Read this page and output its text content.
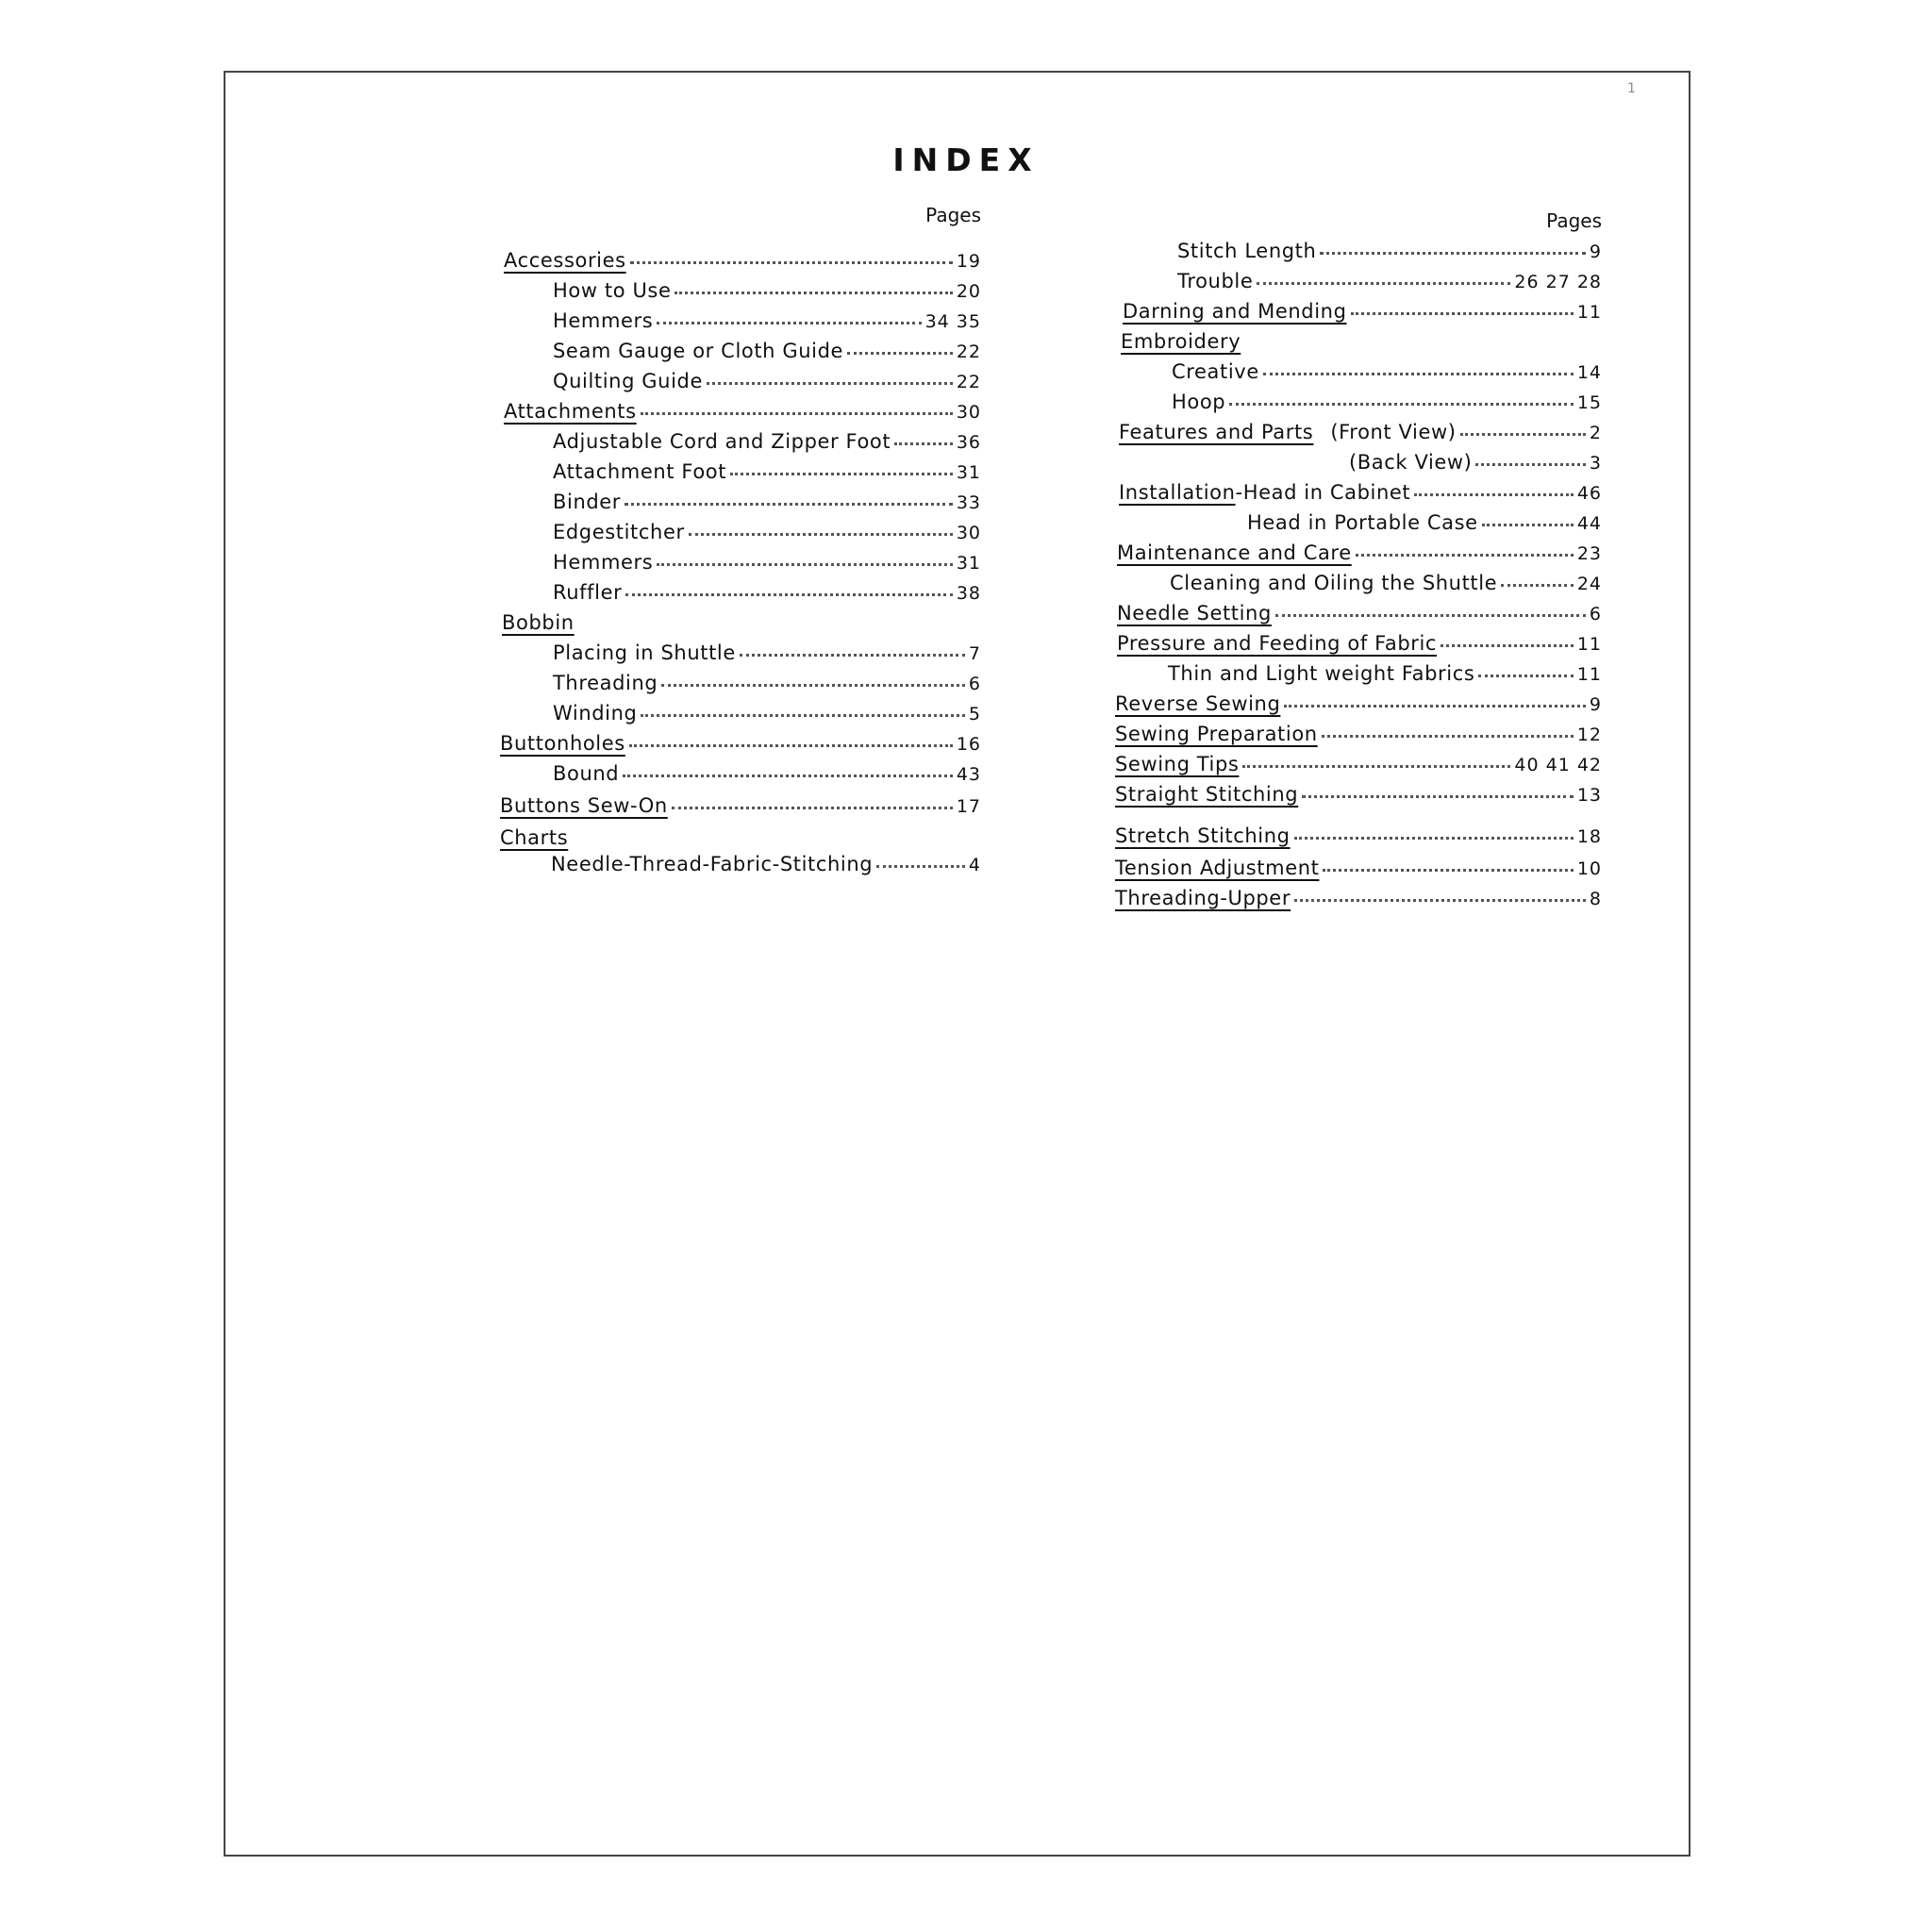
1
INDEX
Pages
Accessories	19
How to Use	20
Hemmers	34 35
Seam Gauge or Cloth Guide	22
Quilting Guide	22
Attachments	30
Adjustable Cord and Zipper Foot	36
Attachment Foot	31
Binder	33
Edgestitcher	30
Hemmers	31
Ruffler	38
Bobbin
Placing in Shuttle	7
Threading	6
Winding	5
Buttonholes	16
Bound	43
Buttons Sew-On	17
Charts
Needle-Thread-Fabric-Stitching	4
Pages
Stitch Length	9
Trouble	26 27 28
Darning and Mending	11
Embroidery
Creative	14
Hoop	15
Features and Parts (Front View)	2
(Back View)	3
Installation -Head in Cabinet	46
Head in Portable Case	44
Maintenance and Care	23
Cleaning and Oiling the Shuttle	24
Needle Setting	6
Pressure and Feeding of Fabric	11
Thin and Light weight Fabrics	11
Reverse Sewing	9
Sewing Preparation	12
Sewing Tips	40 41 42
Straight Stitching	13
Stretch Stitching	18
Tension Adjustment	10
Threading-Upper	8
